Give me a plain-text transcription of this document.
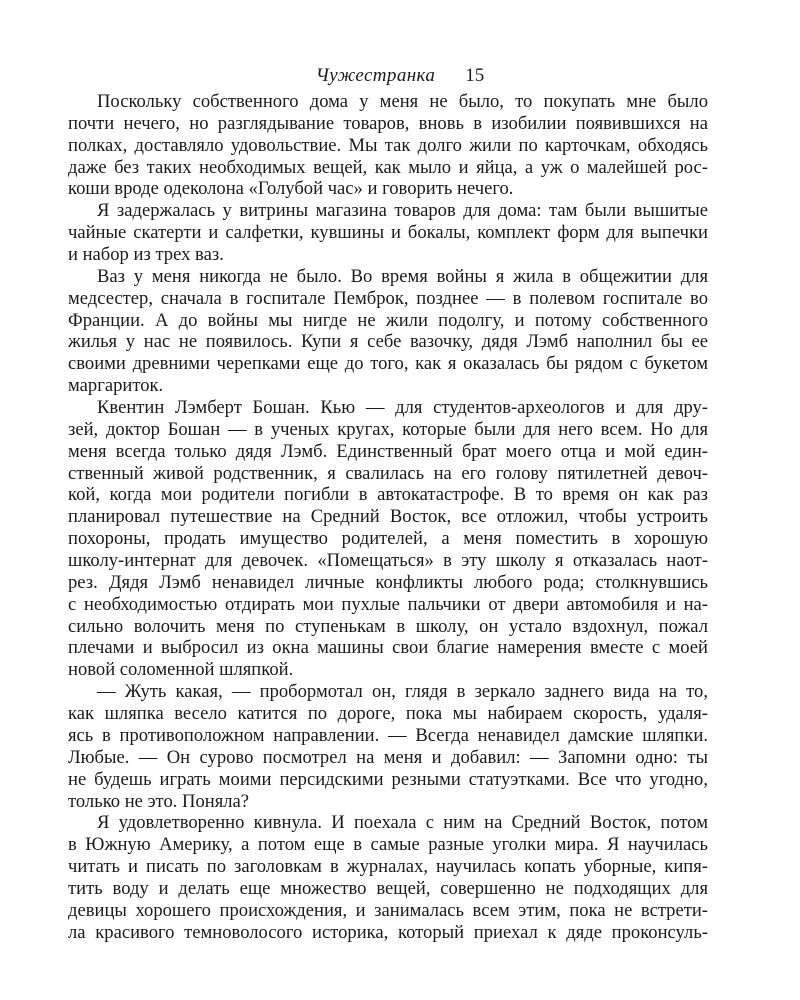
Чужестранка 15
Поскольку собственного дома у меня не было, то покупать мне было
почти нечего, но разглядывание товаров, вновь в изобилии появившихся на
полках, доставляло удовольствие. Мы так долго жили по карточкам, обходясь
даже без таких необходимых вещей, как мыло и яйца, а уж о малейшей рос-
коши вроде одеколона «Голубой час» и говорить нечего.
Я задержалась у витрины магазина товаров для дома: там были вышитые
чайные скатерти и салфетки, кувшины и бокалы, комплект форм для выпечки
и набор из трех ваз.
Ваз у меня никогда не было. Во время войны я жила в общежитии для
медсестер, сначала в госпитале Пемброк, позднее — в полевом госпитале во
Франции. А до войны мы нигде не жили подолгу, и потому собственного
жилья у нас не появилось. Купи я себе вазочку, дядя Лэмб наполнил бы ее
своими древними черепками еще до того, как я оказалась бы рядом с букетом
маргариток.
Квентин Лэмберт Бошан. Кью — для студентов-археологов и для дру-
зей, доктор Бошан — в ученых кругах, которые были для него всем. Но для
меня всегда только дядя Лэмб. Единственный брат моего отца и мой един-
ственный живой родственник, я свалилась на его голову пятилетней девоч-
кой, когда мои родители погибли в автокатастрофе. В то время он как раз
планировал путешествие на Средний Восток, все отложил, чтобы устроить
похороны, продать имущество родителей, а меня поместить в хорошую
школу-интернат для девочек. «Помещаться» в эту школу я отказалась наот-
рез. Дядя Лэмб ненавидел личные конфликты любого рода; столкнувшись
с необходимостью отдирать мои пухлые пальчики от двери автомобиля и на-
сильно волочить меня по ступенькам в школу, он устало вздохнул, пожал
плечами и выбросил из окна машины свои благие намерения вместе с моей
новой соломенной шляпкой.
— Жуть какая, — пробормотал он, глядя в зеркало заднего вида на то,
как шляпка весело катится по дороге, пока мы набираем скорость, удаля-
ясь в противоположном направлении. — Всегда ненавидел дамские шляпки.
Любые. — Он сурово посмотрел на меня и добавил: — Запомни одно: ты
не будешь играть моими персидскими резными статуэтками. Все что угодно,
только не это. Поняла?
Я удовлетворенно кивнула. И поехала с ним на Средний Восток, потом
в Южную Америку, а потом еще в самые разные уголки мира. Я научилась
читать и писать по заголовкам в журналах, научилась копать уборные, кипя-
тить воду и делать еще множество вещей, совершенно не подходящих для
девицы хорошего происхождения, и занималась всем этим, пока не встрети-
ла красивого темноволосого историка, который приехал к дяде проконсуль-
